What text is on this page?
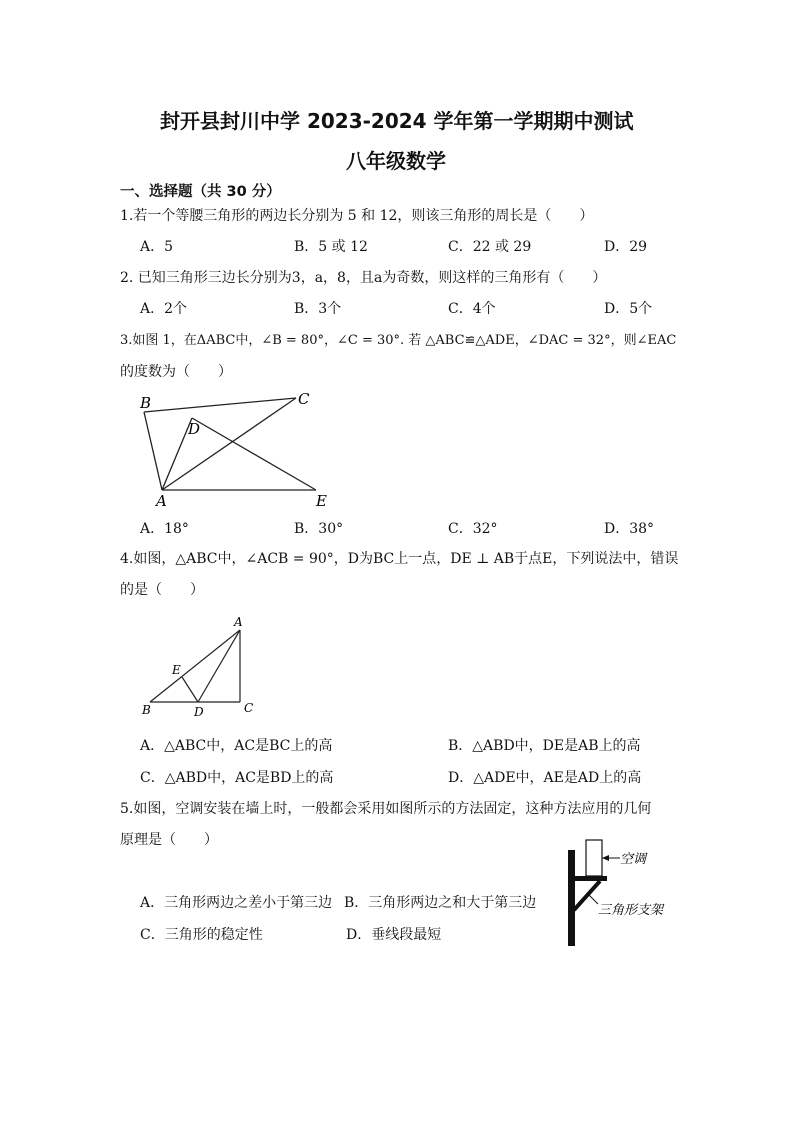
封开县封川中学 2023-2024 学年第一学期期中测试
八年级数学
一、选择题（共 30 分）
1.若一个等腰三角形的两边长分别为 5 和 12，则该三角形的周长是（　　）
A．5	B．5 或 12	C．22 或 29	D．29
2. 已知三角形三边长分别为3，a，8，且a为奇数，则这样的三角形有（　　）
A．2个	B．3个	C．4个	D．5个
3.如图 1，在ΔABC中，∠B = 80°，∠C = 30°. 若 △ABC≌△ADE，∠DAC = 32°，则∠EAC
的度数为（　　）
B	C
D
A	E
A．18°	B．30°	C．32°	D．38°
4.如图，△ABC中，∠ACB = 90°，D为BC上一点，DE ⊥ AB于点E，下列说法中，错误
的是（　　）
A
E
B	D	C
A．△ABC中，AC是BC上的高	B．△ABD中，DE是AB上的高
C．△ABD中，AC是BD上的高	D．△ADE中，AE是AD上的高
5.如图，空调安装在墙上时，一般都会采用如图所示的方法固定，这种方法应用的几何
原理是（　　）
A．三角形两边之差小于第三边 B．三角形两边之和大于第三边
C．三角形的稳定性	D．垂线段最短
空调
三角形支架
